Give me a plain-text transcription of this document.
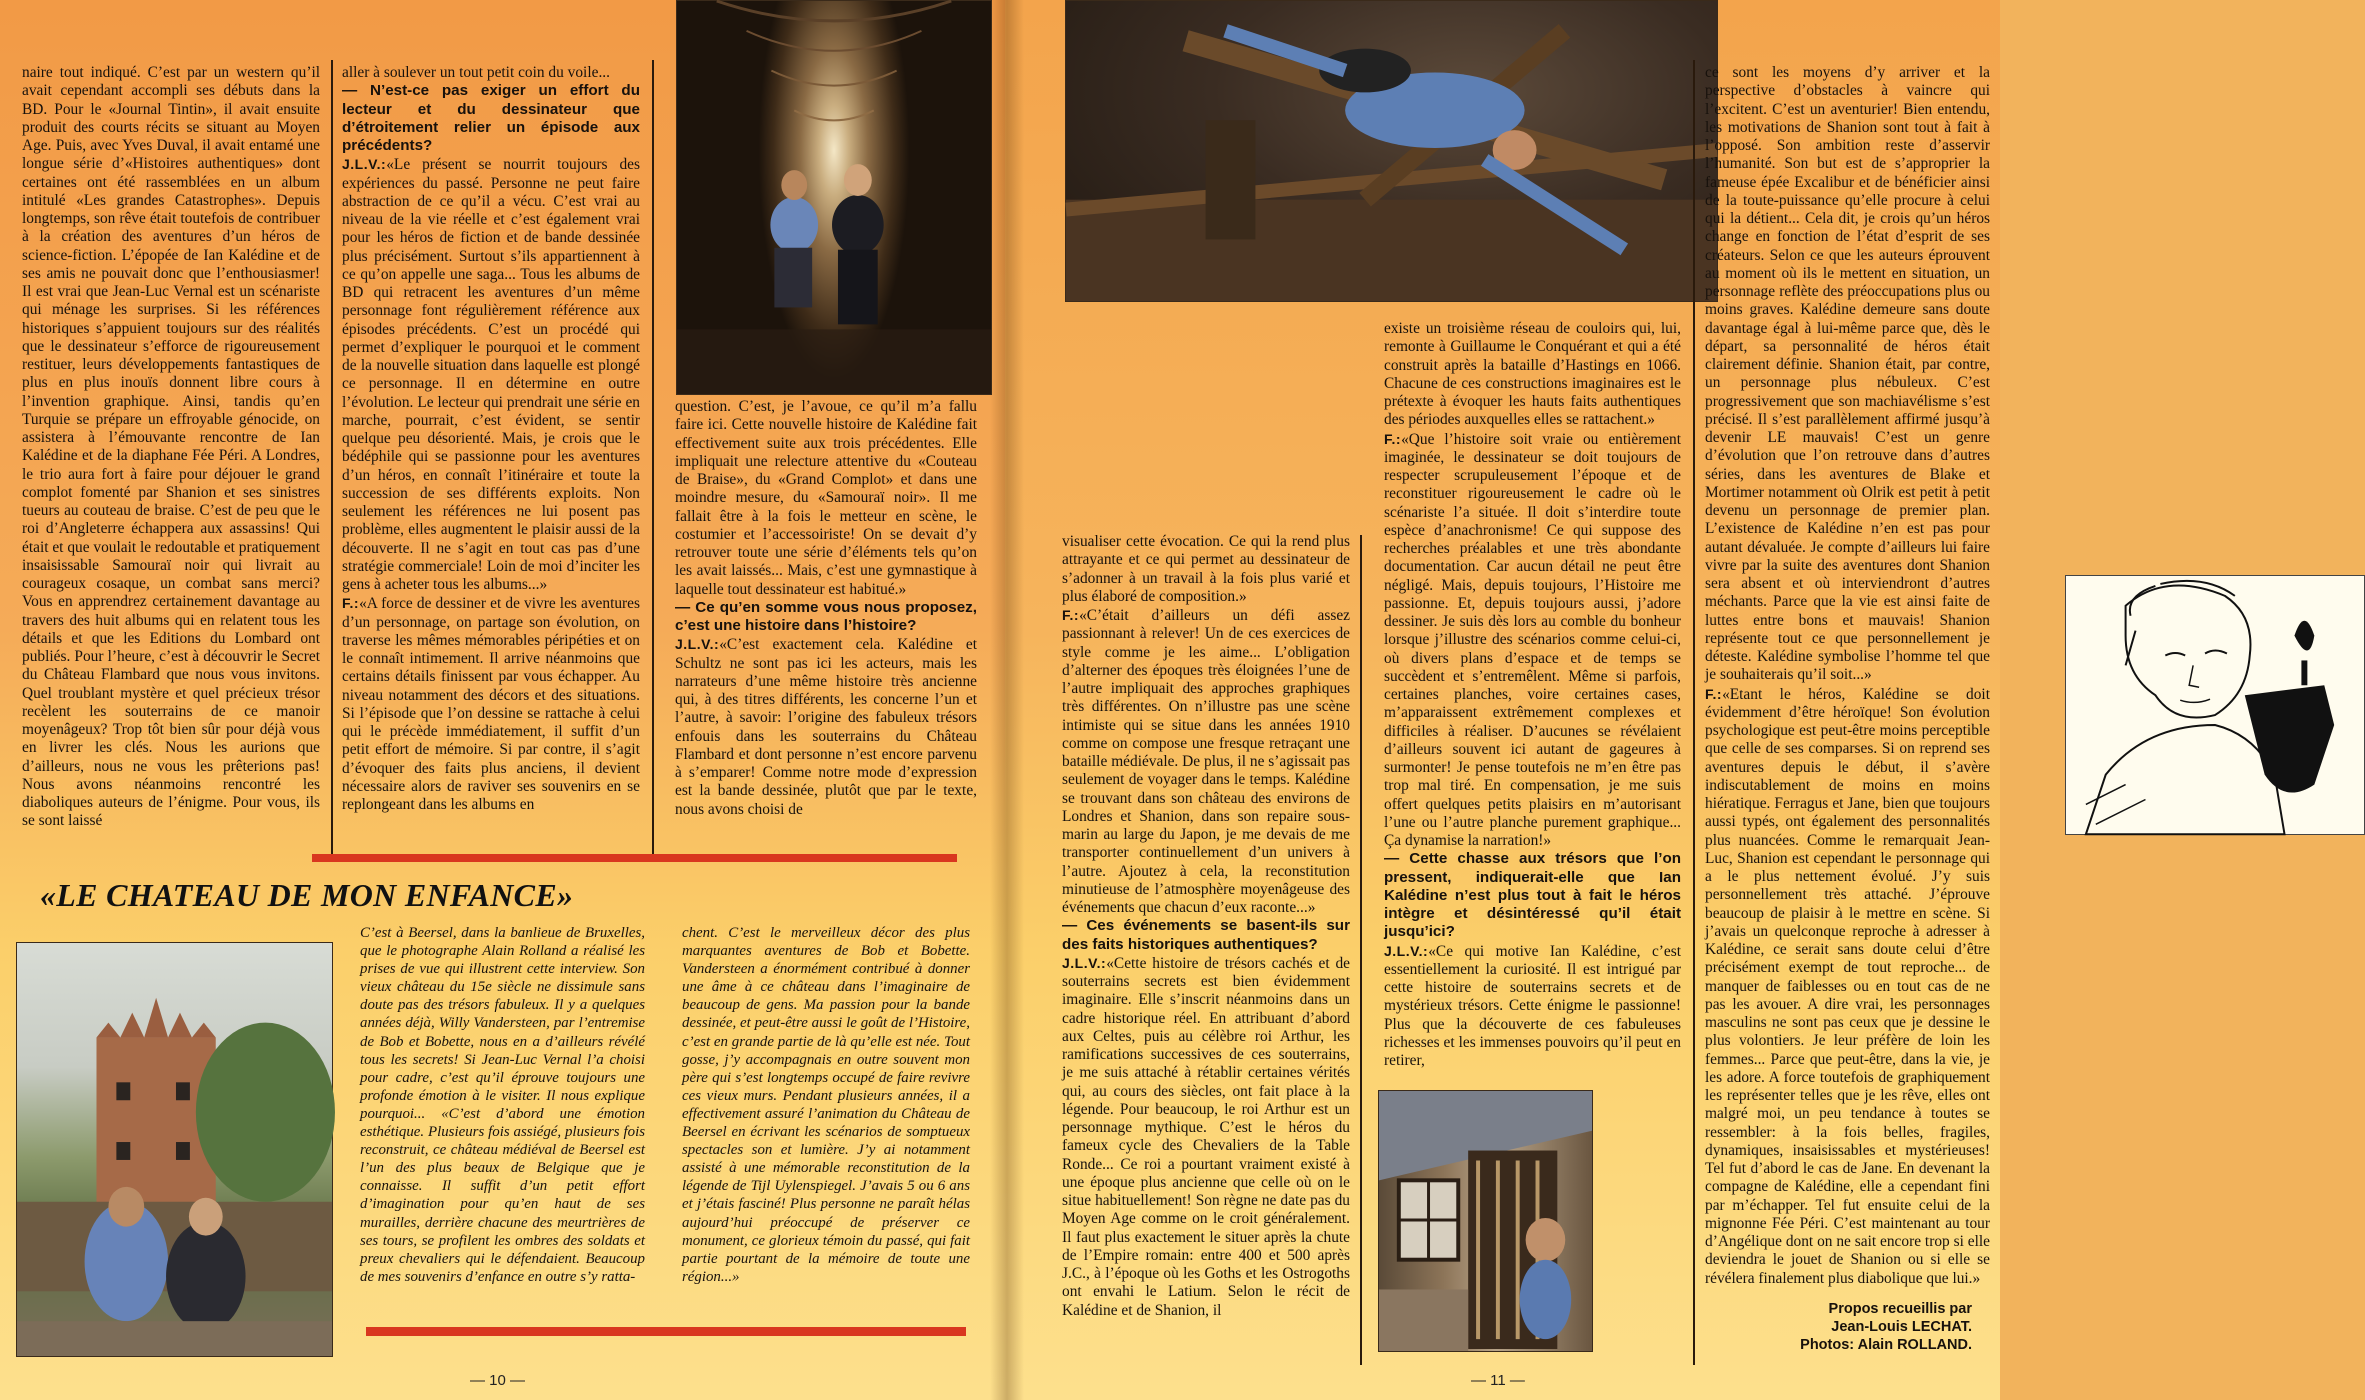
naire tout indiqué. C’est par un western qu’il avait cependant accompli ses débuts dans la BD. Pour le «Journal Tintin», il avait ensuite produit des courts récits se situant au Moyen Age. Puis, avec Yves Duval, il avait entamé une longue série d’«Histoires authentiques» dont certaines ont été rassemblées en un album intitulé «Les grandes Catastrophes». Depuis longtemps, son rêve était toutefois de contribuer à la création des aventures d’un héros de science-fiction. L’épopée de Ian Kalédine et de ses amis ne pouvait donc que l’enthousiasmer! Il est vrai que Jean-Luc Vernal est un scénariste qui ménage les surprises. Si les références historiques s’appuient toujours sur des réalités que le dessinateur s’efforce de rigoureusement restituer, leurs développements fantastiques de plus en plus inouïs donnent libre cours à l’invention graphique. Ainsi, tandis qu’en Turquie se prépare un effroyable génocide, on assistera à l’émouvante rencontre de Ian Kalédine et de la diaphane Fée Péri. A Londres, le trio aura fort à faire pour déjouer le grand complot fomenté par Shanion et ses sinistres tueurs au couteau de braise. C’est de peu que le roi d’Angleterre échappera aux assassins! Qui était et que voulait le redoutable et pratiquement insaisissable Samouraï noir qui livrait au courageux cosaque, un combat sans merci? Vous en apprendrez certainement davantage au travers des huit albums qui en relatent tous les détails et que les Editions du Lombard ont publiés. Pour l’heure, c’est à découvrir le Secret du Château Flambard que nous vous invitons. Quel troublant mystère et quel précieux trésor recèlent les souterrains de ce manoir moyenâgeux? Trop tôt bien sûr pour déjà vous en livrer les clés. Nous les aurions que d’ailleurs, nous ne vous les prêterions pas! Nous avons néanmoins rencontré les diaboliques auteurs de l’énigme. Pour vous, ils se sont laissé

aller à soulever un tout petit coin du voile...

— N’est-ce pas exiger un effort du lecteur et du dessinateur que d’étroitement relier un épisode aux précédents?

J.L.V.:«Le présent se nourrit toujours des expériences du passé. Personne ne peut faire abstraction de ce qu’il a vécu. C’est vrai au niveau de la vie réelle et c’est également vrai pour les héros de fiction et de bande dessinée plus précisément. Surtout s’ils appartiennent à ce qu’on appelle une saga... Tous les albums de BD qui retracent les aventures d’un même personnage font régulièrement référence aux épisodes précédents. C’est un procédé qui permet d’expliquer le pourquoi et le comment de la nouvelle situation dans laquelle est plongé ce personnage. Il en détermine en outre l’évolution. Le lecteur qui prendrait une série en marche, pourrait, c’est évident, se sentir quelque peu désorienté. Mais, je crois que le bédéphile qui se passionne pour les aventures d’un héros, en connaît l’itinéraire et toute la succession de ses différents exploits. Non seulement les références ne lui posent pas problème, elles augmentent le plaisir aussi de la découverte. Il ne s’agit en tout cas pas d’une stratégie commerciale! Loin de moi d’inciter les gens à acheter tous les albums...»

F.:«A force de dessiner et de vivre les aventures d’un personnage, on partage son évolution, on traverse les mêmes mémorables péripéties et on le connaît intimement. Il arrive néanmoins que certains détails finissent par vous échapper. Au niveau notamment des décors et des situations. Si l’épisode que l’on dessine se rattache à celui qui le précède immédiatement, il suffit d’un petit effort de mémoire. Si par contre, il s’agit d’évoquer des faits plus anciens, il devient nécessaire alors de raviver ses souvenirs en se replongeant dans les albums en

question. C’est, je l’avoue, ce qu’il m’a fallu faire ici. Cette nouvelle histoire de Kalédine fait effectivement suite aux trois précédentes. Elle impliquait une relecture attentive du «Couteau de Braise», du «Grand Complot» et dans une moindre mesure, du «Samouraï noir». Il me fallait être à la fois le metteur en scène, le costumier et l’accessoiriste! On se devait d’y retrouver toute une série d’éléments tels qu’on les avait laissés... Mais, c’est une gymnastique à laquelle tout dessinateur est habitué.»

— Ce qu’en somme vous nous proposez, c’est une histoire dans l’histoire?

J.L.V.:«C’est exactement cela. Kalédine et Schultz ne sont pas ici les acteurs, mais les narrateurs d’une même histoire très ancienne qui, à des titres différents, les concerne l’un et l’autre, à savoir: l’origine des fabuleux trésors enfouis dans les souterrains du Château Flambard et dont personne n’est encore parvenu à s’emparer! Comme notre mode d’expression est la bande dessinée, plutôt que par le texte, nous avons choisi de

«LE CHATEAU DE MON ENFANCE»

C’est à Beersel, dans la banlieue de Bruxelles, que le photographe Alain Rolland a réalisé les prises de vue qui illustrent cette interview. Son vieux château du 15e siècle ne dissimule sans doute pas des trésors fabuleux. Il y a quelques années déjà, Willy Vandersteen, par l’entremise de Bob et Bobette, nous en a d’ailleurs révélé tous les secrets! Si Jean-Luc Vernal l’a choisi pour cadre, c’est qu’il éprouve toujours une profonde émotion à le visiter. Il nous explique pourquoi... «C’est d’abord une émotion esthétique. Plusieurs fois assiégé, plusieurs fois reconstruit, ce château médiéval de Beersel est l’un des plus beaux de Belgique que je connaisse. Il suffit d’un petit effort d’imagination pour qu’en haut de ses murailles, derrière chacune des meurtrières de ses tours, se profilent les ombres des soldats et preux chevaliers qui le défendaient. Beaucoup de mes souvenirs d’enfance en outre s’y ratta-

chent. C’est le merveilleux décor des plus marquantes aventures de Bob et Bobette. Vandersteen a énormément contribué à donner une âme à ce château dans l’imaginaire de beaucoup de gens. Ma passion pour la bande dessinée, et peut-être aussi le goût de l’Histoire, c’est en grande partie de là qu’elle est née. Tout gosse, j’y accompagnais en outre souvent mon père qui s’est longtemps occupé de faire revivre ces vieux murs. Pendant plusieurs années, il a effectivement assuré l’animation du Château de Beersel en écrivant les scénarios de somptueux spectacles son et lumière. J’y ai notamment assisté à une mémorable reconstitution de la légende de Tijl Uylenspiegel. J’avais 5 ou 6 ans et j’étais fasciné! Plus personne ne paraît hélas aujourd’hui préoccupé de préserver ce monument, ce glorieux témoin du passé, qui fait partie pourtant de la mémoire de toute une région...»

— 10 —

visualiser cette évocation. Ce qui la rend plus attrayante et ce qui permet au dessinateur de s’adonner à un travail à la fois plus varié et plus élaboré de composition.»

F.:«C’était d’ailleurs un défi assez passionnant à relever! Un de ces exercices de style comme je les aime... L’obligation d’alterner des époques très éloignées l’une de l’autre impliquait des approches graphiques très différentes. On n’illustre pas une scène intimiste qui se situe dans les années 1910 comme on compose une fresque retraçant une bataille médiévale. De plus, il ne s’agissait pas seulement de voyager dans le temps. Kalédine se trouvant dans son château des environs de Londres et Shanion, dans son repaire sous-marin au large du Japon, je me devais de me transporter continuellement d’un univers à l’autre. Ajoutez à cela, la reconstitution minutieuse de l’atmosphère moyenâgeuse des événements que chacun d’eux raconte...»

— Ces événements se basent-ils sur des faits historiques authentiques?

J.L.V.:«Cette histoire de trésors cachés et de souterrains secrets est bien évidemment imaginaire. Elle s’inscrit néanmoins dans un cadre historique réel. En attribuant d’abord aux Celtes, puis au célèbre roi Arthur, les ramifications successives de ces souterrains, je me suis attaché à rétablir certaines vérités qui, au cours des siècles, ont fait place à la légende. Pour beaucoup, le roi Arthur est un personnage mythique. C’est le héros du fameux cycle des Chevaliers de la Table Ronde... Ce roi a pourtant vraiment existé à une époque plus ancienne que celle où on le situe habituellement! Son règne ne date pas du Moyen Age comme on le croit généralement. Il faut plus exactement le situer après la chute de l’Empire romain: entre 400 et 500 après J.C., à l’époque où les Goths et les Ostrogoths ont envahi le Latium. Selon le récit de Kalédine et de Shanion, il

existe un troisième réseau de couloirs qui, lui, remonte à Guillaume le Conquérant et qui a été construit après la bataille d’Hastings en 1066. Chacune de ces constructions imaginaires est le prétexte à évoquer les hauts faits authentiques des périodes auxquelles elles se rattachent.»

F.:«Que l’histoire soit vraie ou entièrement imaginée, le dessinateur se doit toujours de respecter scrupuleusement l’époque et de reconstituer rigoureusement le cadre où le scénariste l’a située. Il doit s’interdire toute espèce d’anachronisme! Ce qui suppose des recherches préalables et une très abondante documentation. Car aucun détail ne peut être négligé. Mais, depuis toujours, l’Histoire me passionne. Et, depuis toujours aussi, j’adore dessiner. Je suis dès lors au comble du bonheur lorsque j’illustre des scénarios comme celui-ci, où divers plans d’espace et de temps se succèdent et s’entremêlent. Même si parfois, certaines planches, voire certaines cases, m’apparaissent extrêmement complexes et difficiles à réaliser. D’aucunes se révélaient d’ailleurs souvent ici autant de gageures à surmonter! Je pense toutefois ne m’en être pas trop mal tiré. En compensation, je me suis offert quelques petits plaisirs en m’autorisant l’une ou l’autre planche purement graphique... Ça dynamise la narration!»

— Cette chasse aux trésors que l’on pressent, indiquerait-elle que Ian Kalédine n’est plus tout à fait le héros intègre et désintéressé qu’il était jusqu’ici?

J.L.V.:«Ce qui motive Ian Kalédine, c’est essentiellement la curiosité. Il est intrigué par cette histoire de souterrains secrets et de mystérieux trésors. Cette énigme le passionne! Plus que la découverte de ces fabuleuses richesses et les immenses pouvoirs qu’il peut en retirer,

ce sont les moyens d’y arriver et la perspective d’obstacles à vaincre qui l’excitent. C’est un aventurier! Bien entendu, les motivations de Shanion sont tout à fait à l’opposé. Son ambition reste d’asservir l’humanité. Son but est de s’approprier la fameuse épée Excalibur et de bénéficier ainsi de la toute-puissance qu’elle procure à celui qui la détient... Cela dit, je crois qu’un héros change en fonction de l’état d’esprit de ses créateurs. Selon ce que les auteurs éprouvent au moment où ils le mettent en situation, un personnage reflète des préoccupations plus ou moins graves. Kalédine demeure sans doute davantage égal à lui-même parce que, dès le départ, sa personnalité de héros était clairement définie. Shanion était, par contre, un personnage plus nébuleux. C’est progressivement que son machiavélisme s’est précisé. Il s’est parallèlement affirmé jusqu’à devenir LE mauvais! C’est un genre d’évolution que l’on retrouve dans d’autres séries, dans les aventures de Blake et Mortimer notamment où Olrik est petit à petit devenu un personnage de premier plan. L’existence de Kalédine n’en est pas pour autant dévaluée. Je compte d’ailleurs lui faire vivre par la suite des aventures dont Shanion sera absent et où interviendront d’autres méchants. Parce que la vie est ainsi faite de luttes entre bons et mauvais! Shanion représente tout ce que personnellement je déteste. Kalédine symbolise l’homme tel que je souhaiterais qu’il soit...»

F.:«Etant le héros, Kalédine se doit évidemment d’être héroïque! Son évolution psychologique est peut-être moins perceptible que celle de ses comparses. Si on reprend ses aventures depuis le début, il s’avère indiscutablement de moins en moins hiératique. Ferragus et Jane, bien que toujours aussi typés, ont également des personnalités plus nuancées. Comme le remarquait Jean-Luc, Shanion est cependant le personnage qui a le plus nettement évolué. J’y suis personnellement très attaché. J’éprouve beaucoup de plaisir à le mettre en scène. Si j’avais un quelconque reproche à adresser à Kalédine, ce serait sans doute celui d’être précisément exempt de tout reproche... de manquer de faiblesses ou en tout cas de ne pas les avouer. A dire vrai, les personnages masculins ne sont pas ceux que je dessine le plus volontiers. Je leur préfère de loin les femmes... Parce que peut-être, dans la vie, je les adore. A force toutefois de graphiquement les représenter telles que je les rêve, elles ont malgré moi, un peu tendance à toutes se ressembler: à la fois belles, fragiles, dynamiques, insaisissables et mystérieuses! Tel fut d’abord le cas de Jane. En devenant la compagne de Kalédine, elle a cependant fini par m’échapper. Tel fut ensuite celui de la mignonne Fée Péri. C’est maintenant au tour d’Angélique dont on ne sait encore trop si elle deviendra le jouet de Shanion ou si elle se révélera finalement plus diabolique que lui.»

Propos recueillis par
Jean-Louis LECHAT.
Photos: Alain ROLLAND.
— 11 —
